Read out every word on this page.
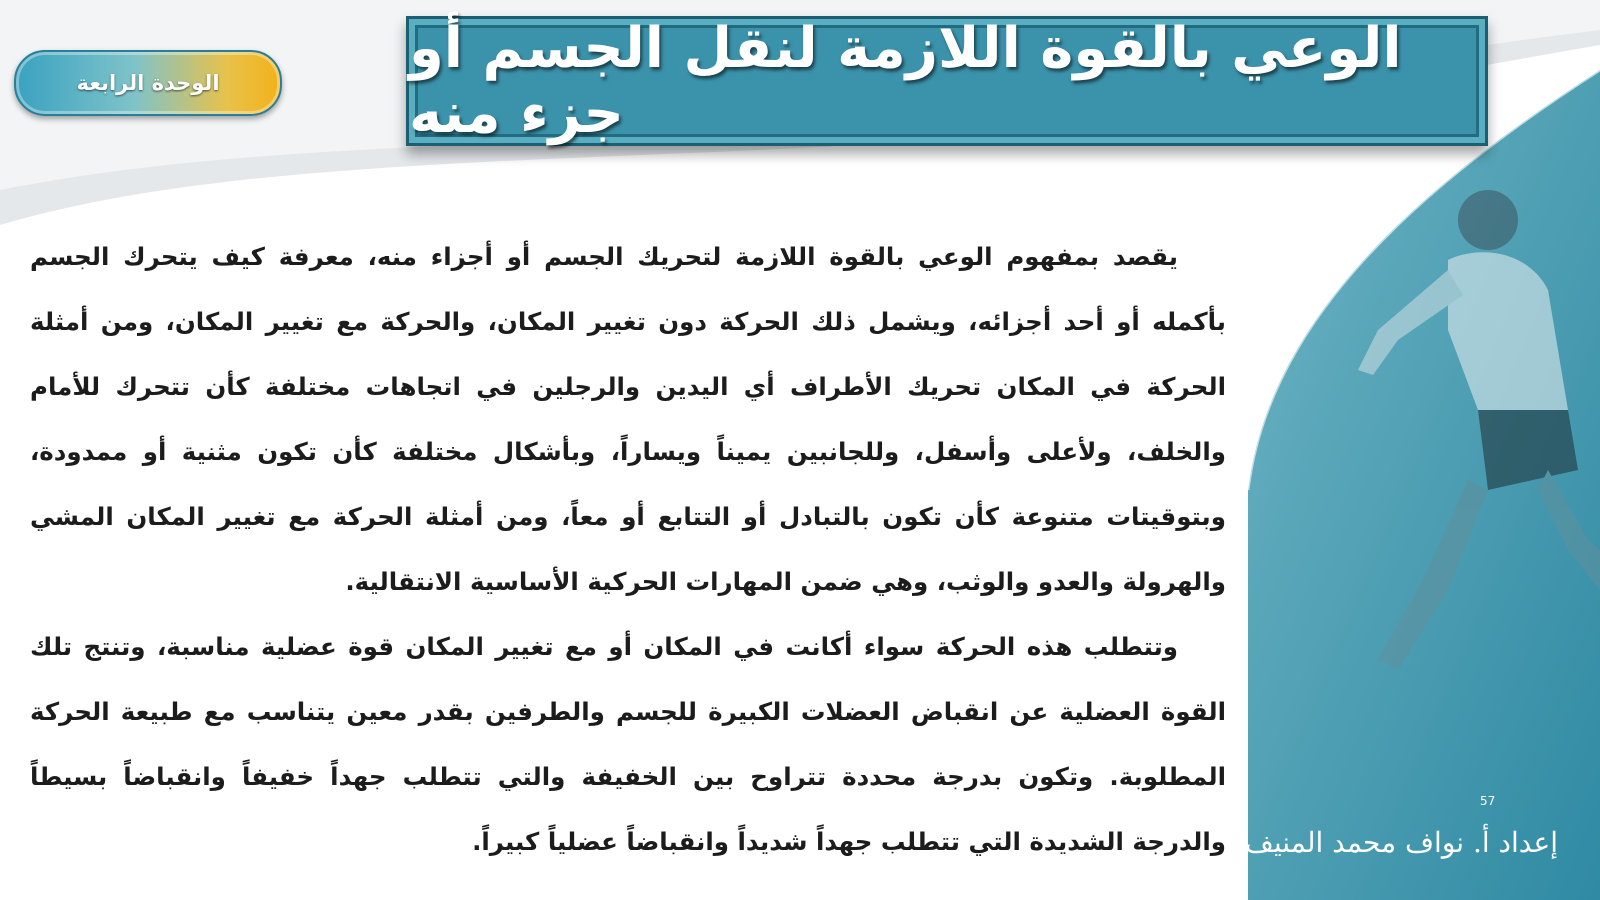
الوحدة الرابعة
الوعي بالقوة اللازمة لنقل الجسم أو جزء منه

يقصد بمفهوم الوعي بالقوة اللازمة لتحريك الجسم أو أجزاء منه، معرفة كيف يتحرك الجسم بأكمله أو أحد أجزائه، ويشمل ذلك الحركة دون تغيير المكان، والحركة مع تغيير المكان، ومن أمثلة الحركة في المكان تحريك الأطراف أي اليدين والرجلين في اتجاهات مختلفة كأن تتحرك للأمام والخلف، ولأعلى وأسفل، وللجانبين يميناً ويساراً، وبأشكال مختلفة كأن تكون مثنية أو ممدودة، وبتوقيتات متنوعة كأن تكون بالتبادل أو التتابع أو معاً، ومن أمثلة الحركة مع تغيير المكان المشي والهرولة والعدو والوثب، وهي ضمن المهارات الحركية الأساسية الانتقالية.

وتتطلب هذه الحركة سواء أكانت في المكان أو مع تغيير المكان قوة عضلية مناسبة، وتنتج تلك القوة العضلية عن انقباض العضلات الكبيرة للجسم والطرفين بقدر معين يتناسب مع طبيعة الحركة المطلوبة. وتكون بدرجة محددة تتراوح بين الخفيفة والتي تتطلب جهداً خفيفاً وانقباضاً بسيطاً والدرجة الشديدة التي تتطلب جهداً شديداً وانقباضاً عضلياً كبيراً.

57
إعداد أ. نواف محمد المنيف
